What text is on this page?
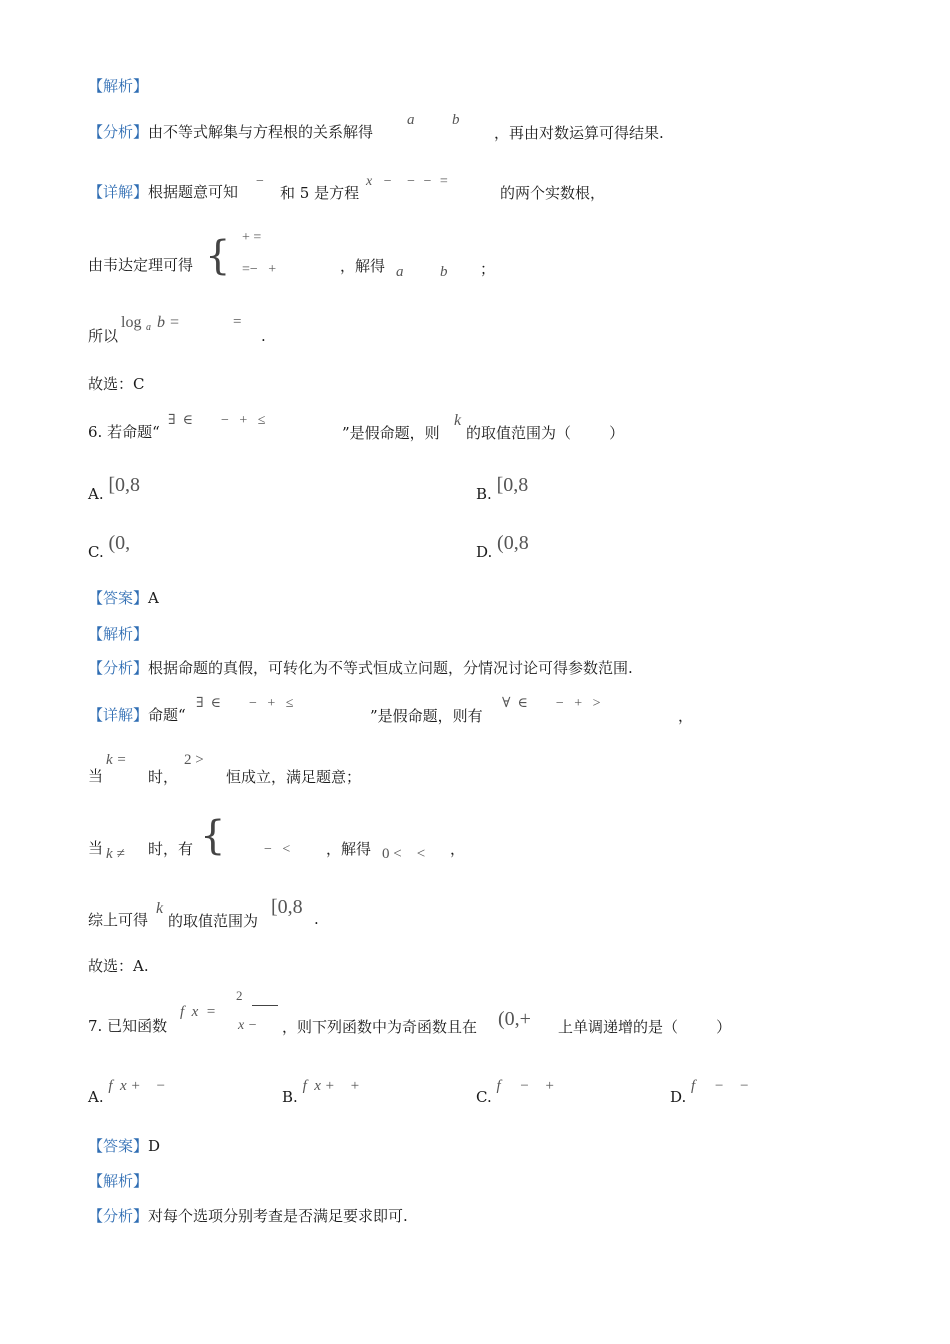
【解析】
【分析】由不等式解集与方程根的关系解得
a	b
，再由对数运算可得结果.
【详解】根据题意可知
−
和 5 是方程
x   −    −  −  =
的两个实数根，
由韦达定理可得 { + =
=−   +	，解得 a b ；
所以
log a b =	=
.
故选：C
6. 若命题“
∃  ∈        −   +   ≤
”是假命题，则
k
的取值范围为（        ）
A. [0,8	B. [0,8
C. (0,	D. (0,8
【答案】A
【解析】
【分析】根据命题的真假，可转化为不等式恒成立问题，分情况讨论可得参数范围.
【详解】命题“
∃  ∈        −   +   ≤
”是假命题，则有
∀  ∈        −   +   >
，
当
k =
时，
2 >
恒成立，满足题意；
当 k ≠ 时，有 {	−   < ，解得 0 <    < ，
综上可得
k
的取值范围为
[0,8
.
故选：A.
7. 已知函数
f  x  =
2
x − ，则下列函数中为奇函数且在 (0,+ 上单调递增的是（        ）
A. f  x +    −
B. f  x +    +
C. f     −    +
D. f     −    −
【答案】D
【解析】
【分析】对每个选项分别考查是否满足要求即可.
